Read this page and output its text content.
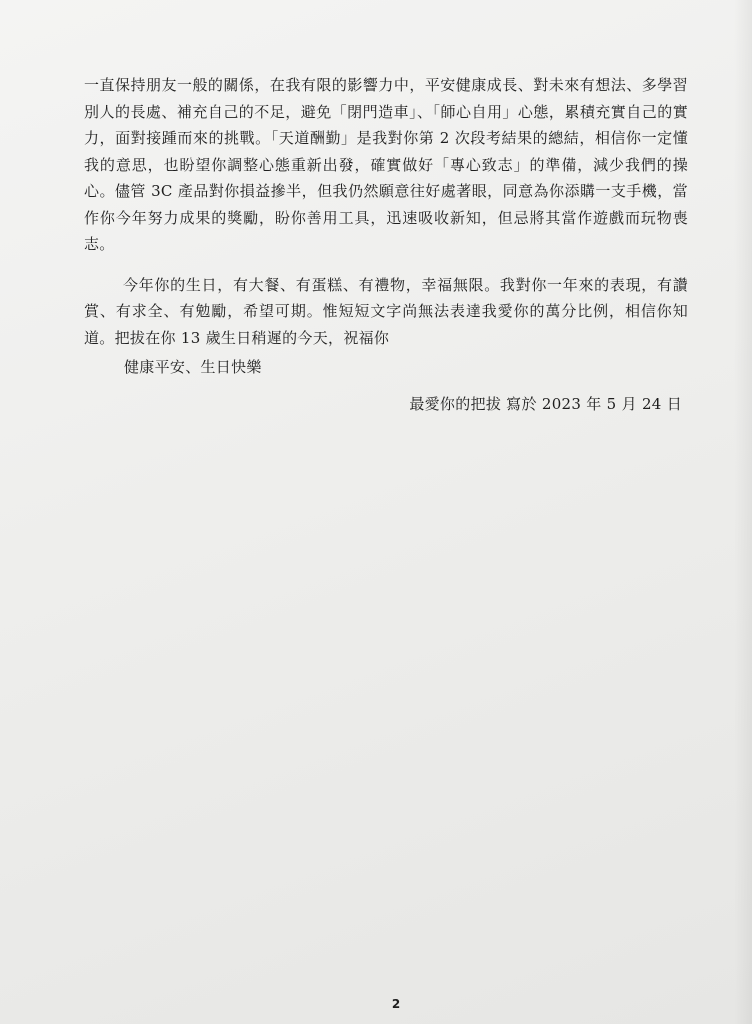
一直保持朋友一般的關係，在我有限的影響力中，平安健康成長、對未來有想法、多學習別人的長處、補充自己的不足，避免「閉門造車」、「師心自用」心態，累積充實自己的實力，面對接踵而來的挑戰。「天道酬勤」是我對你第 2 次段考結果的總結，相信你一定懂我的意思，也盼望你調整心態重新出發，確實做好「專心致志」的準備，減少我們的操心。儘管 3C 產品對你損益摻半，但我仍然願意往好處著眼，同意為你添購一支手機，當作你今年努力成果的獎勵，盼你善用工具，迅速吸收新知，但忌將其當作遊戲而玩物喪志。

今年你的生日，有大餐、有蛋糕、有禮物，幸福無限。我對你一年來的表現，有讚賞、有求全、有勉勵，希望可期。惟短短文字尚無法表達我愛你的萬分比例，相信你知道。把拔在你 13 歲生日稍遲的今天，祝福你

健康平安、生日快樂
最愛你的把拔 寫於 2023 年 5 月 24 日
2
